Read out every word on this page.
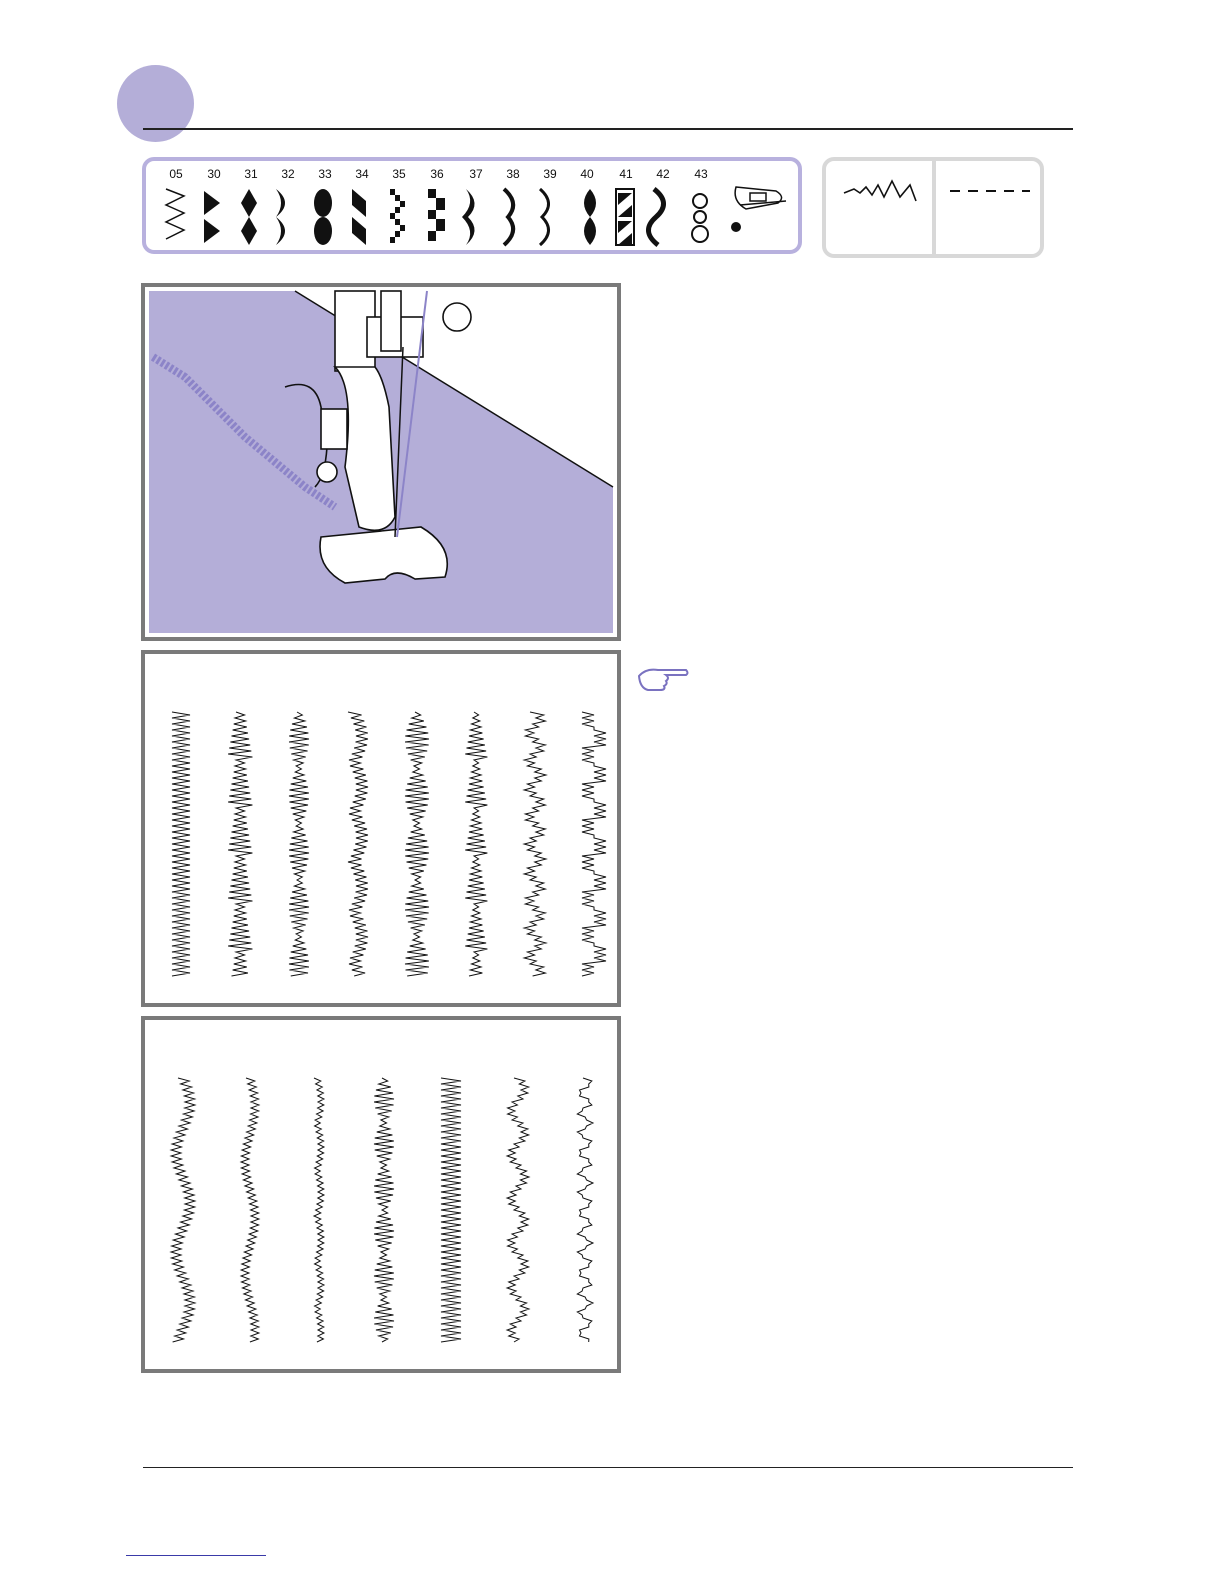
05	30	31	32	33	34	35	36	37	38	39	40	41	42	43
